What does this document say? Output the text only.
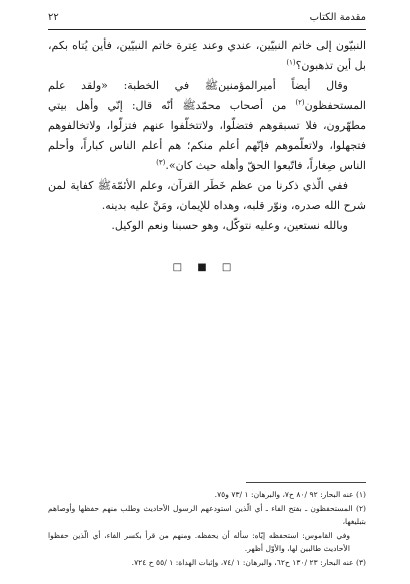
مقدمة الكتاب
٢٢

النبيّون إلى خاتم النبيّين، عندي وعند عِترة خاتم النبيّين، فأين يُتاه بكم، بل أين تذهبون؟$^{(١)}$

وقال أيضاً أميرالمؤمنينﷺ في الخطبة: «ولقد علم المستحفظون$^{(٢)}$ من أصحاب محمّدﷺ أنّه قال: إنّي وأهل بيتي مطهّرون، فلا تسبقوهم فتضلّوا، ولاتتخلّفوا عنهم فتزلّوا، ولاتخالفوهم فتجهلوا، ولاتعلّموهم فإنّهم أعلم منكم؛ هم أعلم الناس كباراً، وأحلم الناس صِغاراً، فاتّبعوا الحقّ وأهله حيث كان».$^{(٣)}$

ففي الّذي ذكرنا من عظم خَطَر القرآن، وعلم الأئمّةﷺ كفاية لمن شرح الله صدره، ونوّر قلبه، وهداه للإيمان، ومَنَّ عليه بدينه.

وبالله نستعين، وعليه نتوكّل، وهو حسبنا ونعم الوكيل.

□ ■ □

(١) عنه البحار: ٩٢ /٨٠ ح٧، والبرهان: ١ /٧٣ و٧٥.

(٢) المستحفظون ـ بفتح الفاء ـ أي الّذين استودعهم الرسول الأحاديث وطلب منهم حفظها وأوصاهم بتبليغها،

وفي القاموس: استحفظه إيّاه: سأله أن يحفظه. ومنهم من قرأ بكسر الفاء، أي الّذين حفظوا الأحاديث طالبين لها، والأوّل أظهر.

(٣) عنه البحار: ٢٣ /١٣٠ ح٦٢، والبرهان: ١ /٧٤، وإثبات الهداة: ١ /٥٥ ح ٧٢٤.
